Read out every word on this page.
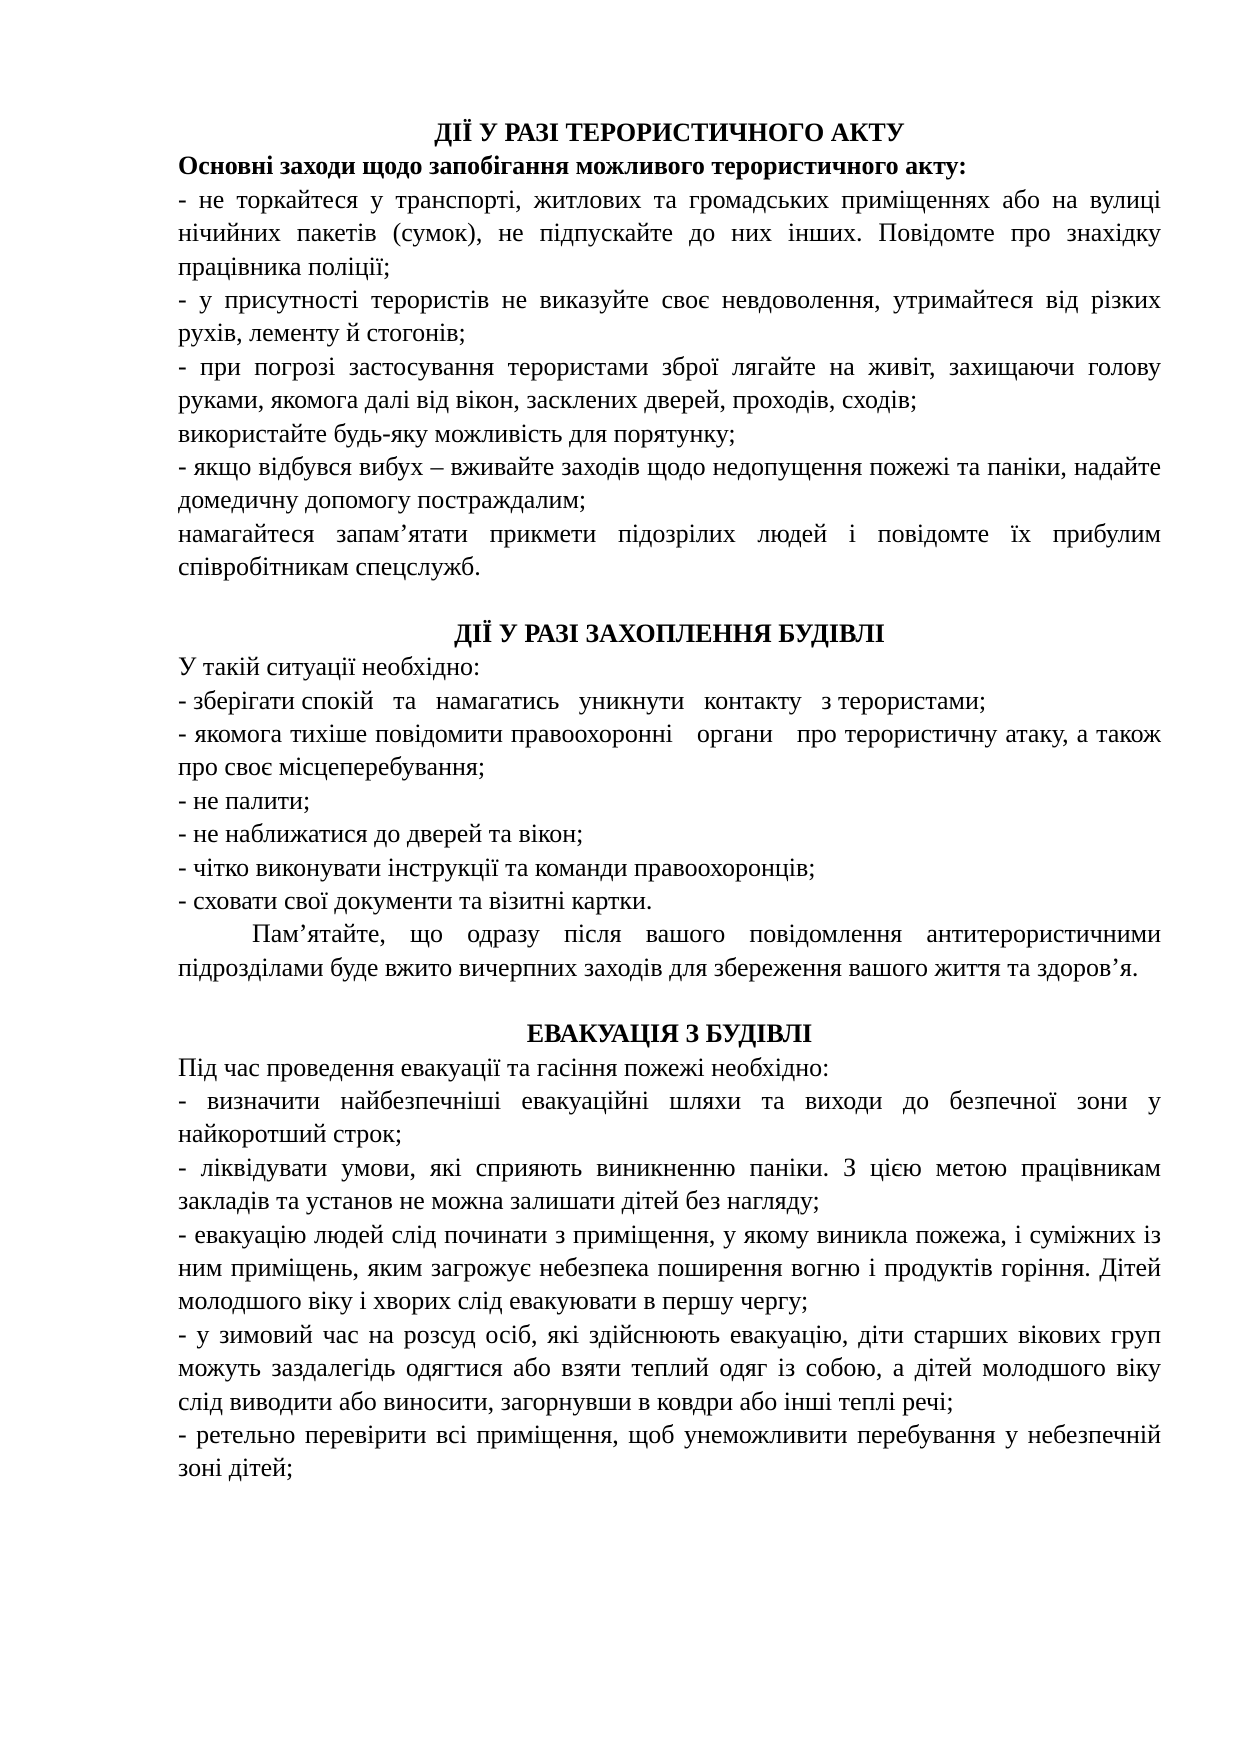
ДІЇ У РАЗІ ТЕРОРИСТИЧНОГО АКТУ

Основні заходи щодо запобігання можливого терористичного акту:

- не торкайтеся у транспорті, житлових та громадських приміщеннях або на вулиці нічийних пакетів (сумок), не підпускайте до них інших. Повідомте про знахідку працівника поліції;

- у присутності терористів не виказуйте своє невдоволення, утримайтеся від різких рухів, лементу й стогонів;

- при погрозі застосування терористами зброї лягайте на живіт, захищаючи голову руками, якомога далі від вікон, засклених дверей, проходів, сходів;

використайте будь-яку можливість для порятунку;

- якщо відбувся вибух – вживайте заходів щодо недопущення пожежі та паніки, надайте домедичну допомогу постраждалим;

намагайтеся запам’ятати прикмети підозрілих людей і повідомте їх прибулим співробітникам спецслужб.

ДІЇ У РАЗІ ЗАХОПЛЕННЯ БУДІВЛІ

У такій ситуації необхідно:

- зберігати спокій   та   намагатись   уникнути   контакту   з терористами;

- якомога тихіше повідомити правоохоронні   органи   про терористичну атаку, а також про своє місцеперебування;

- не палити;

- не наближатися до дверей та вікон;

- чітко виконувати інструкції та команди правоохоронців;

- сховати свої документи та візитні картки.

Пам’ятайте, що одразу після вашого повідомлення антитерористичними підрозділами буде вжито вичерпних заходів для збереження вашого життя та здоров’я.

ЕВАКУАЦІЯ З БУДІВЛІ

Під час проведення евакуації та гасіння пожежі необхідно:

- визначити найбезпечніші евакуаційні шляхи та виходи до безпечної зони у найкоротший строк;

- ліквідувати умови, які сприяють виникненню паніки. З цією метою працівникам закладів та установ не можна залишати дітей без нагляду;

- евакуацію людей слід починати з приміщення, у якому виникла пожежа, і суміжних із ним приміщень, яким загрожує небезпека поширення вогню і продуктів горіння. Дітей молодшого віку і хворих слід евакуювати в першу чергу;

- у зимовий час на розсуд осіб, які здійснюють евакуацію, діти старших вікових груп можуть заздалегідь одягтися або взяти теплий одяг із собою, а дітей молодшого віку слід виводити або виносити, загорнувши в ковдри або інші теплі речі;

- ретельно перевірити всі приміщення, щоб унеможливити перебування у небезпечній зоні дітей;
